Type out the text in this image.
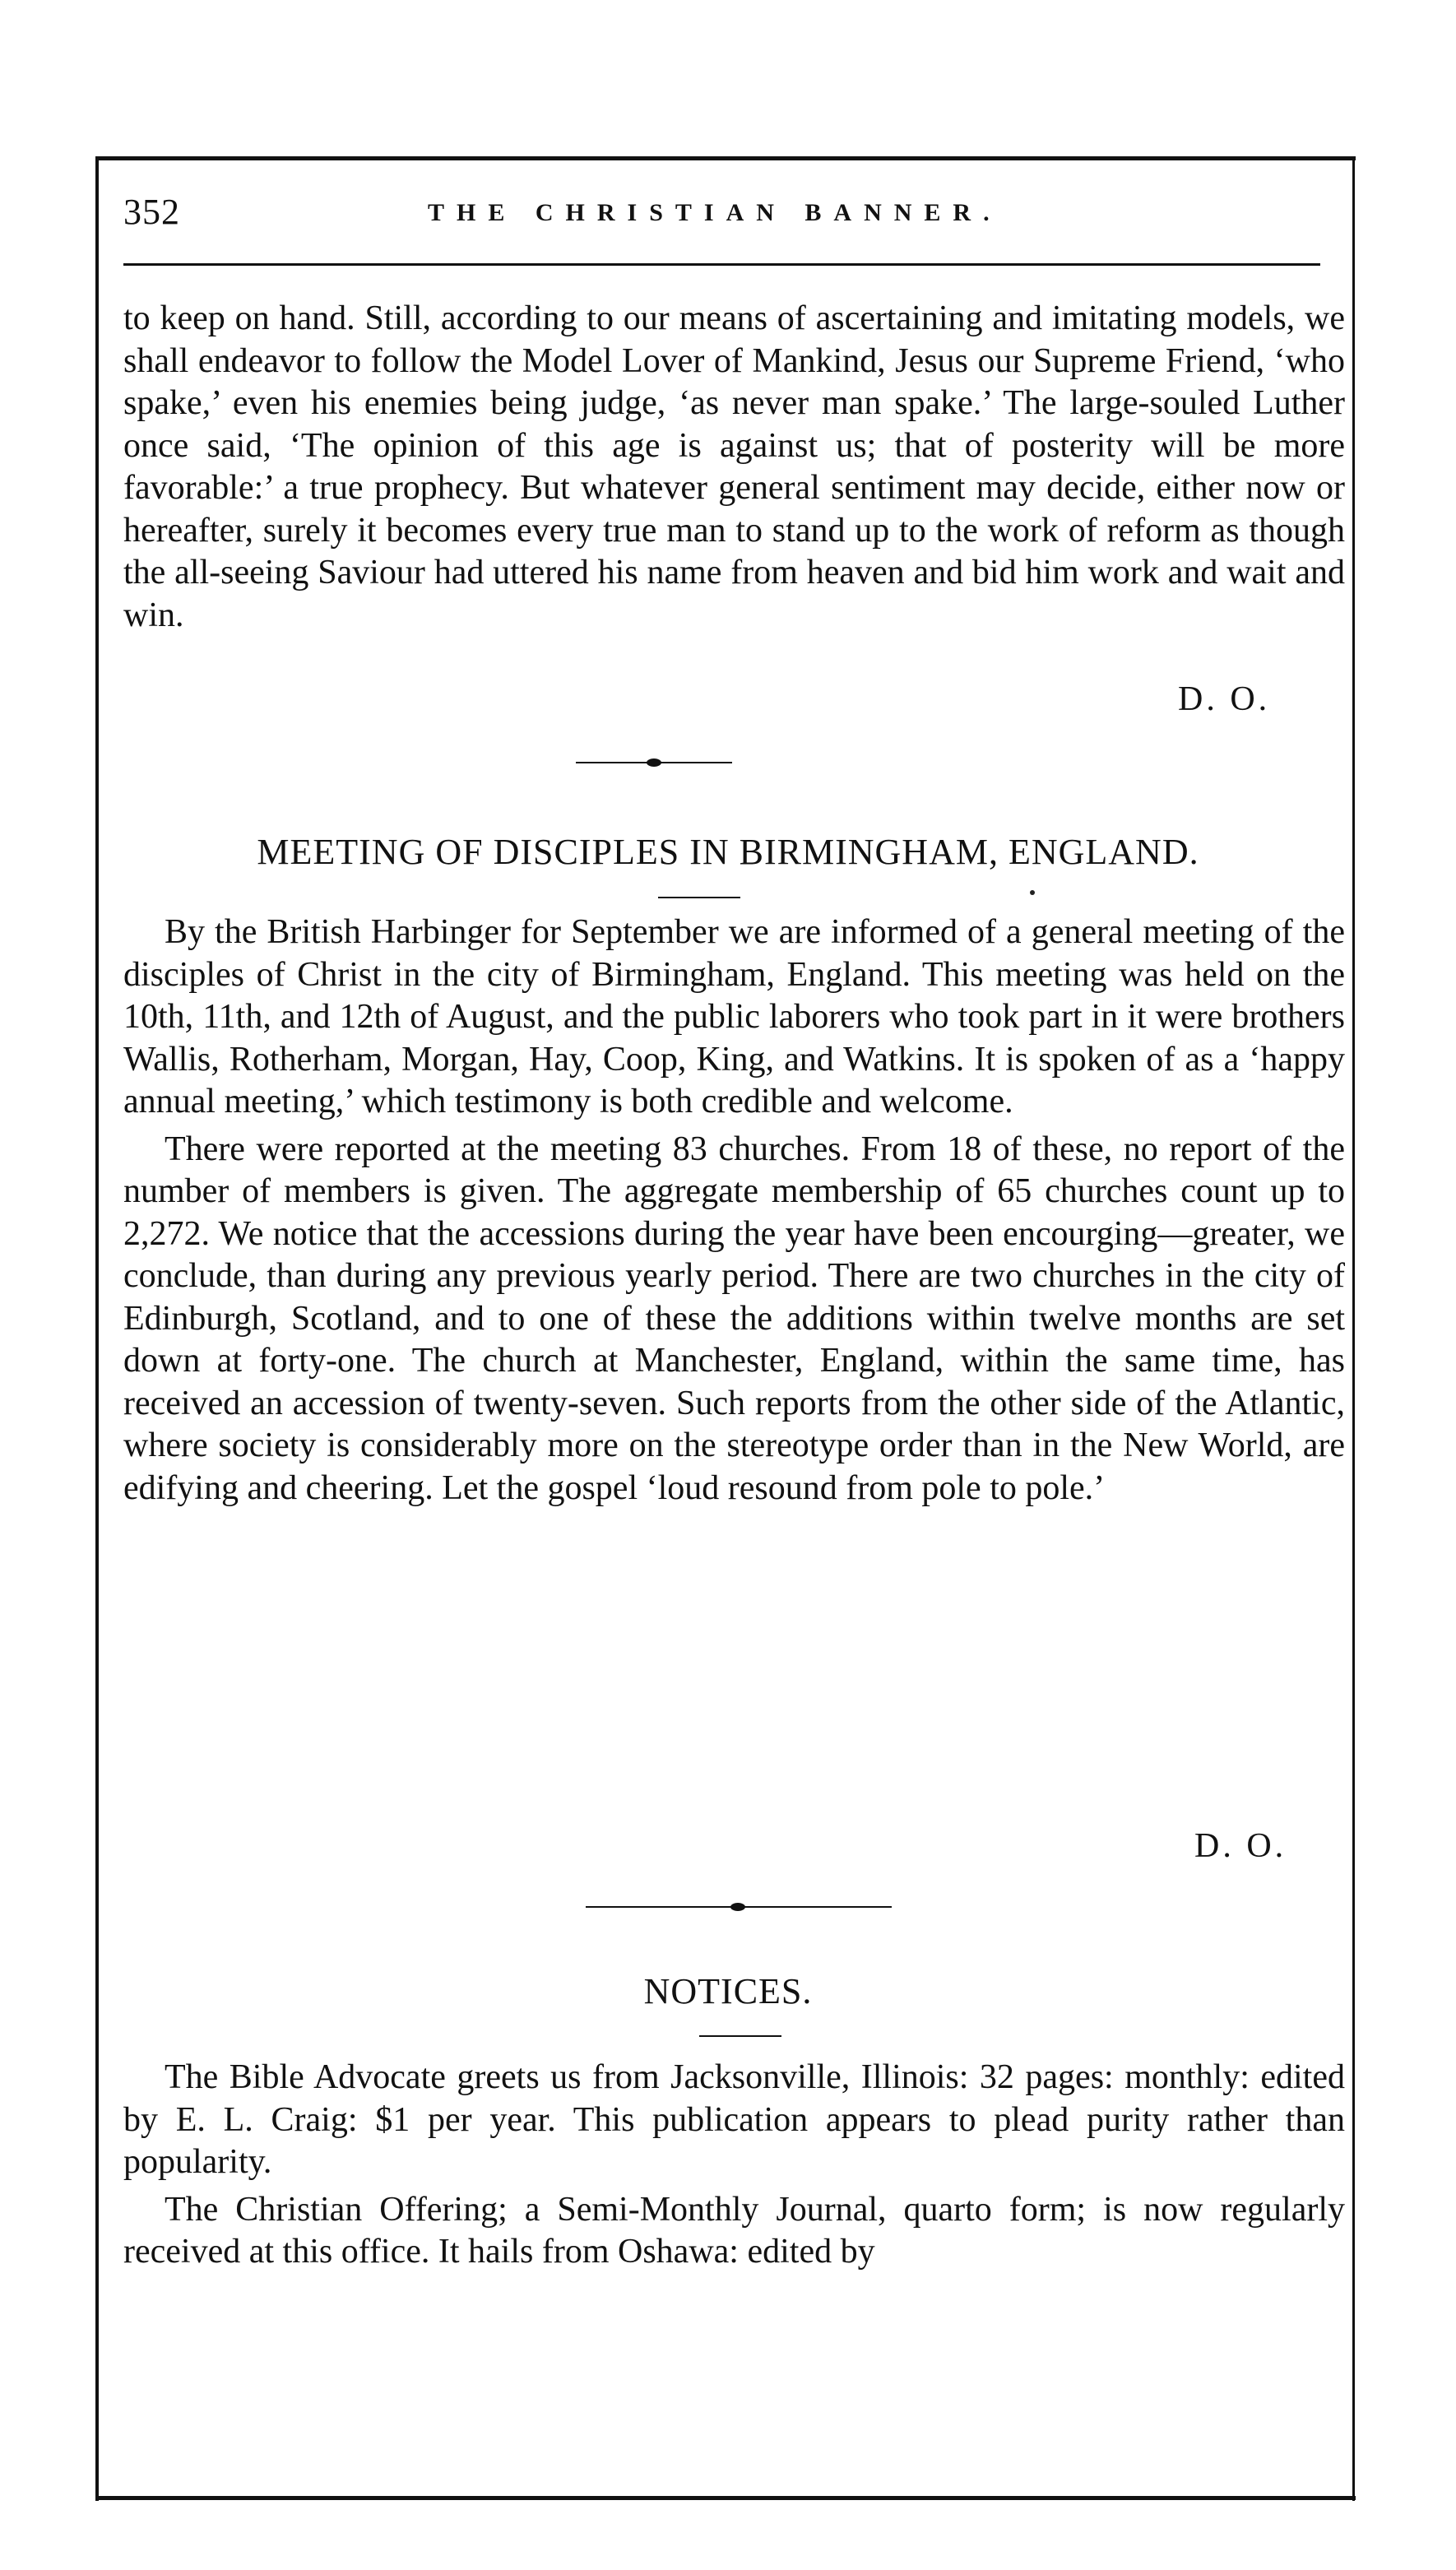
352	THE CHRISTIAN BANNER.

to keep on hand. Still, according to our means of ascertaining and imitating models, we shall endeavor to follow the Model Lover of Mankind, Jesus our Supreme Friend, ‘who spake,’ even his enemies being judge, ‘as never man spake.’ The large-souled Luther once said, ‘The opinion of this age is against us; that of posterity will be more favorable:’ a true prophecy. But whatever general sentiment may decide, either now or hereafter, surely it becomes every true man to stand up to the work of reform as though the all-seeing Saviour had uttered his name from heaven and bid him work and wait and win.

D. O.
MEETING OF DISCIPLES IN BIRMINGHAM, ENGLAND.

By the British Harbinger for September we are informed of a general meeting of the disciples of Christ in the city of Birmingham, England. This meeting was held on the 10th, 11th, and 12th of August, and the public laborers who took part in it were brothers Wallis, Rotherham, Morgan, Hay, Coop, King, and Watkins. It is spoken of as a ‘happy annual meeting,’ which testimony is both credible and welcome.

There were reported at the meeting 83 churches. From 18 of these, no report of the number of members is given. The aggregate membership of 65 churches count up to 2,272. We notice that the accessions during the year have been encourging—greater, we conclude, than during any previous yearly period. There are two churches in the city of Edinburgh, Scotland, and to one of these the additions within twelve months are set down at forty-one. The church at Manchester, England, within the same time, has received an accession of twenty-seven. Such reports from the other side of the Atlantic, where society is considerably more on the stereotype order than in the New World, are edifying and cheering. Let the gospel ‘loud resound from pole to pole.’

D. O.
NOTICES.

The Bible Advocate greets us from Jacksonville, Illinois: 32 pages: monthly: edited by E. L. Craig: $1 per year. This publication appears to plead purity rather than popularity.

The Christian Offering; a Semi-Monthly Journal, quarto form; is now regularly received at this office. It hails from Oshawa: edited by
